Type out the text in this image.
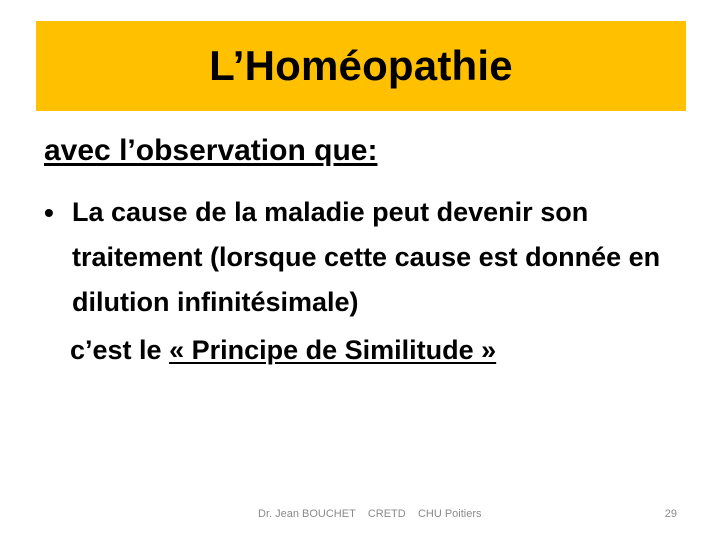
L’Homéopathie
avec l’observation que:
• La cause de la maladie peut devenir son traitement (lorsque cette cause est donnée en dilution infinitésimale)
c’est le « Principe de Similitude »
Dr. Jean BOUCHET    CRETD    CHU Poitiers	29
